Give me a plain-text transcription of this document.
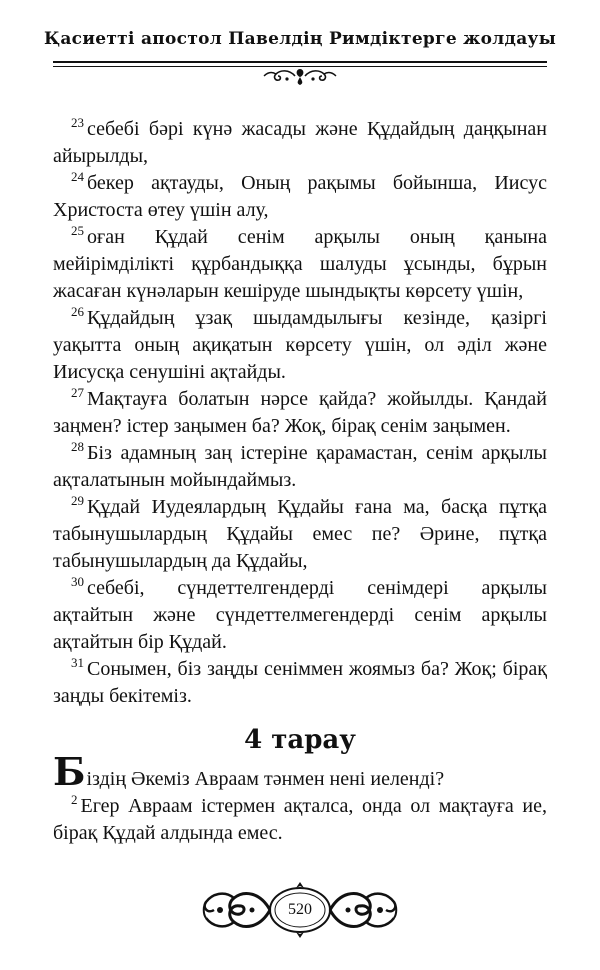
Қасиетті апостол Павелдің Римдіктерге жолдауы

$^{23}$ себебі бәрі күнә жасады және Құдайдың даңқынан айырылды,

$^{24}$ бекер ақтауды, Оның рақымы бойынша, Иисус Христоста өтеу үшін алу,

$^{25}$ оған Құдай сенім арқылы оның қанына мейірімділікті құрбандыққа шалуды ұсынды, бұрын жасаған күнәларын кешіруде шындықты көрсету үшін,

$^{26}$ Құдайдың ұзақ шыдамдылығы кезінде, қазіргі уақытта оның ақиқатын көрсету үшін, ол әділ және Иисусқа сенушіні ақтайды.

$^{27}$ Мақтауға болатын нәрсе қайда? жойылды. Қандай заңмен? істер заңымен ба? Жоқ, бірақ сенім заңымен.

$^{28}$ Біз адамның заң істеріне қарамастан, сенім арқылы ақталатынын мойындаймыз.

$^{29}$ Құдай Иудеялардың Құдайы ғана ма, басқа пұтқа табынушылардың Құдайы емес пе? Әрине, пұтқа табынушылардың да Құдайы,

$^{30}$ себебі, сүндеттелгендерді сенімдері арқылы ақтайтын және сүндеттелмегендерді сенім арқылы ақтайтын бір Құдай.

$^{31}$ Сонымен, біз заңды сеніммен жоямыз ба? Жоқ; бірақ заңды бекітеміз.

4 тарау

Біздің Әкеміз Авраам тәнмен нені иеленді?

$^2$ Егер Авраам істермен ақталса, онда ол мақтауға ие, бірақ Құдай алдында емес.

520
